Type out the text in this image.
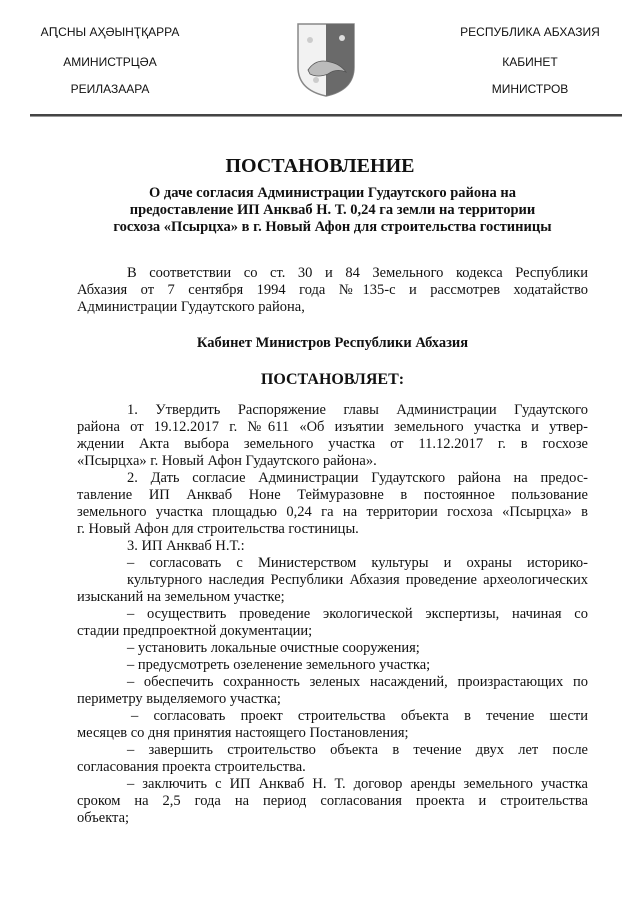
АԤСНЫ АҲӘЫНҬҚАРРА
АМИНИСТРЦӘА
РЕИЛАЗААРА
РЕСПУБЛИКА АБХАЗИЯ
КАБИНЕТ
МИНИСТРОВ
ПОСТАНОВЛЕНИЕ
О даче согласия Администрации Гудаутского района на
предоставление ИП Анкваб Н. Т. 0,24 га земли на территории
госхоза «Псырцха» в г. Новый Афон для строительства гостиницы
В соответствии со ст. 30 и 84 Земельного кодекса Республики
Абхазия от 7 сентября 1994 года №135-с и рассмотрев ходатайство
Администрации Гудаутского района,
Кабинет Министров Республики Абхазия
ПОСТАНОВЛЯЕТ:
1. Утвердить Распоряжение главы Администрации Гудаутского
района от 19.12.2017 г. №611 «Об изъятии земельного участка и утвер-
ждении Акта выбора земельного участка от 11.12.2017 г. в госхозе
«Псырцха» г. Новый Афон Гудаутского района».
2. Дать согласие Администрации Гудаутского района на предос-
тавление ИП Анкваб Ноне Теймуразовне в постоянное пользование
земельного участка площадью 0,24 га на территории госхоза «Псырцха» в
г. Новый Афон для строительства гостиницы.
3. ИП Анкваб Н.Т.:
– согласовать с Министерством культуры и охраны историко-
культурного наследия Республики Абхазия проведение археологических
изысканий на земельном участке;
– осуществить проведение экологической экспертизы, начиная со
стадии предпроектной документации;
– установить локальные очистные сооружения;
– предусмотреть озеленение земельного участка;
– обеспечить сохранность зеленых насаждений, произрастающих по
периметру выделяемого участка;
– согласовать проект строительства объекта в течение шести
месяцев со дня принятия настоящего Постановления;
– завершить строительство объекта в течение двух лет после
согласования проекта строительства.
– заключить с ИП Анкваб Н. Т. договор аренды земельного участка
сроком на 2,5 года на период согласования проекта и строительства
объекта;
